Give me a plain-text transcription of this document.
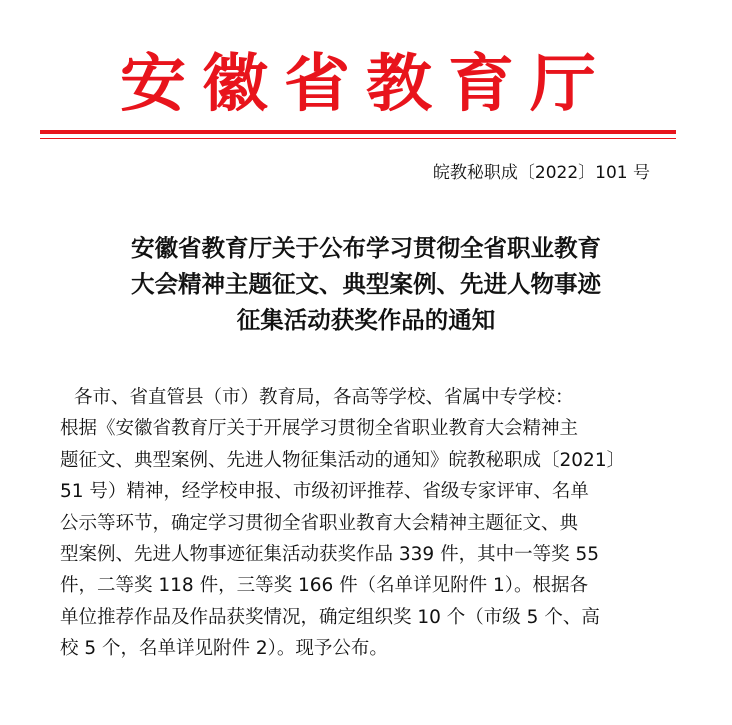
安徽省教育厅
皖教秘职成〔2022〕101 号
安徽省教育厅关于公布学习贯彻全省职业教育
大会精神主题征文、典型案例、先进人物事迹
征集活动获奖作品的通知
各市、省直管县（市）教育局，各高等学校、省属中专学校：
根据《安徽省教育厅关于开展学习贯彻全省职业教育大会精神主
题征文、典型案例、先进人物征集活动的通知》皖教秘职成〔2021〕
51 号）精神，经学校申报、市级初评推荐、省级专家评审、名单
公示等环节，确定学习贯彻全省职业教育大会精神主题征文、典
型案例、先进人物事迹征集活动获奖作品 339 件，其中一等奖 55
件，二等奖 118 件，三等奖 166 件（名单详见附件 1）。根据各
单位推荐作品及作品获奖情况，确定组织奖 10 个（市级 5 个、高
校 5 个，名单详见附件 2）。现予公布。
